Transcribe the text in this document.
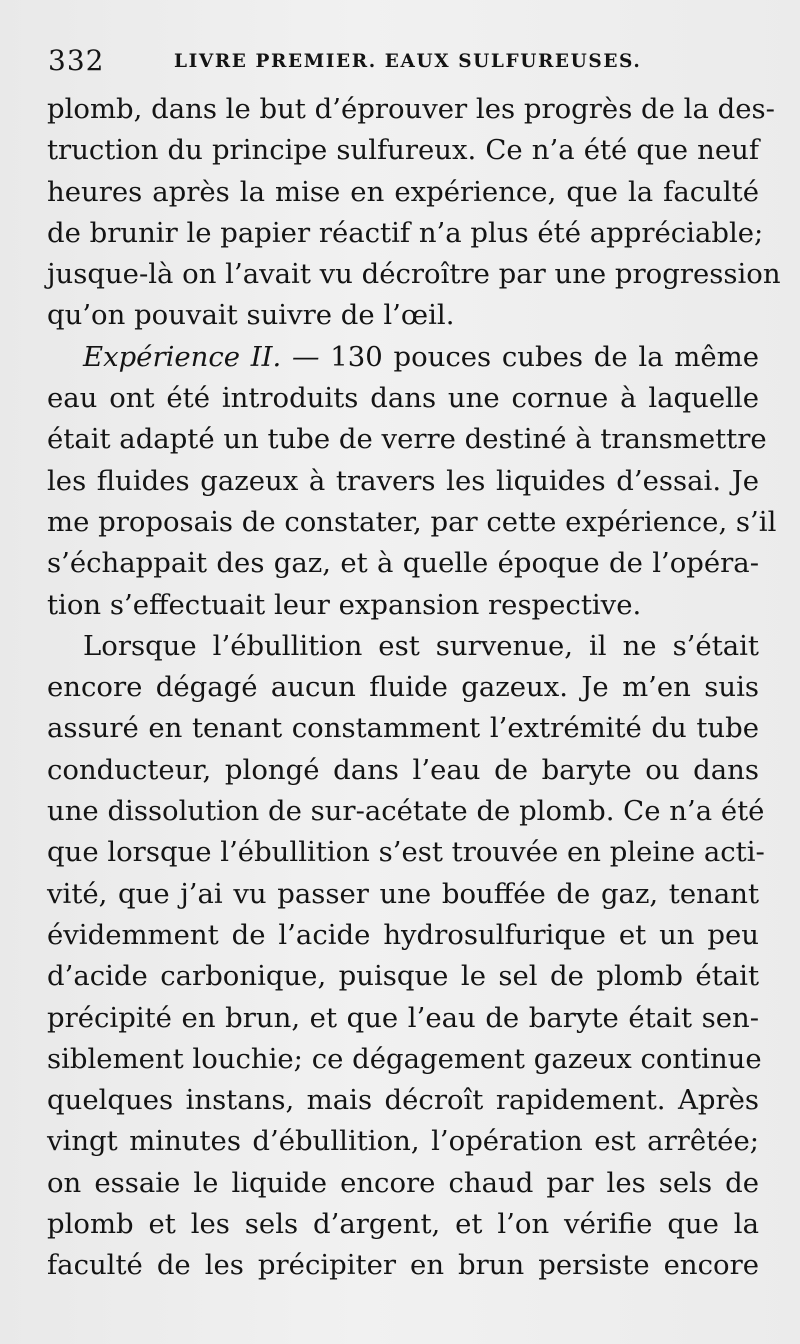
332	LIVRE PREMIER. EAUX SULFUREUSES.
plomb, dans le but d’éprouver les progrès de la des-
truction du principe sulfureux. Ce n’a été que neuf
heures après la mise en expérience, que la faculté
de brunir le papier réactif n’a plus été appréciable;
jusque-là on l’avait vu décroître par une progression
qu’on pouvait suivre de l’œil.
Expérience II. — 130 pouces cubes de la même
eau ont été introduits dans une cornue à laquelle
était adapté un tube de verre destiné à transmettre
les fluides gazeux à travers les liquides d’essai. Je
me proposais de constater, par cette expérience, s’il
s’échappait des gaz, et à quelle époque de l’opéra-
tion s’effectuait leur expansion respective.
Lorsque l’ébullition est survenue, il ne s’était
encore dégagé aucun fluide gazeux. Je m’en suis
assuré en tenant constamment l’extrémité du tube
conducteur, plongé dans l’eau de baryte ou dans
une dissolution de sur-acétate de plomb. Ce n’a été
que lorsque l’ébullition s’est trouvée en pleine acti-
vité, que j’ai vu passer une bouffée de gaz, tenant
évidemment de l’acide hydrosulfurique et un peu
d’acide carbonique, puisque le sel de plomb était
précipité en brun, et que l’eau de baryte était sen-
siblement louchie; ce dégagement gazeux continue
quelques instans, mais décroît rapidement. Après
vingt minutes d’ébullition, l’opération est arrêtée;
on essaie le liquide encore chaud par les sels de
plomb et les sels d’argent, et l’on vérifie que la
faculté de les précipiter en brun persiste encore
